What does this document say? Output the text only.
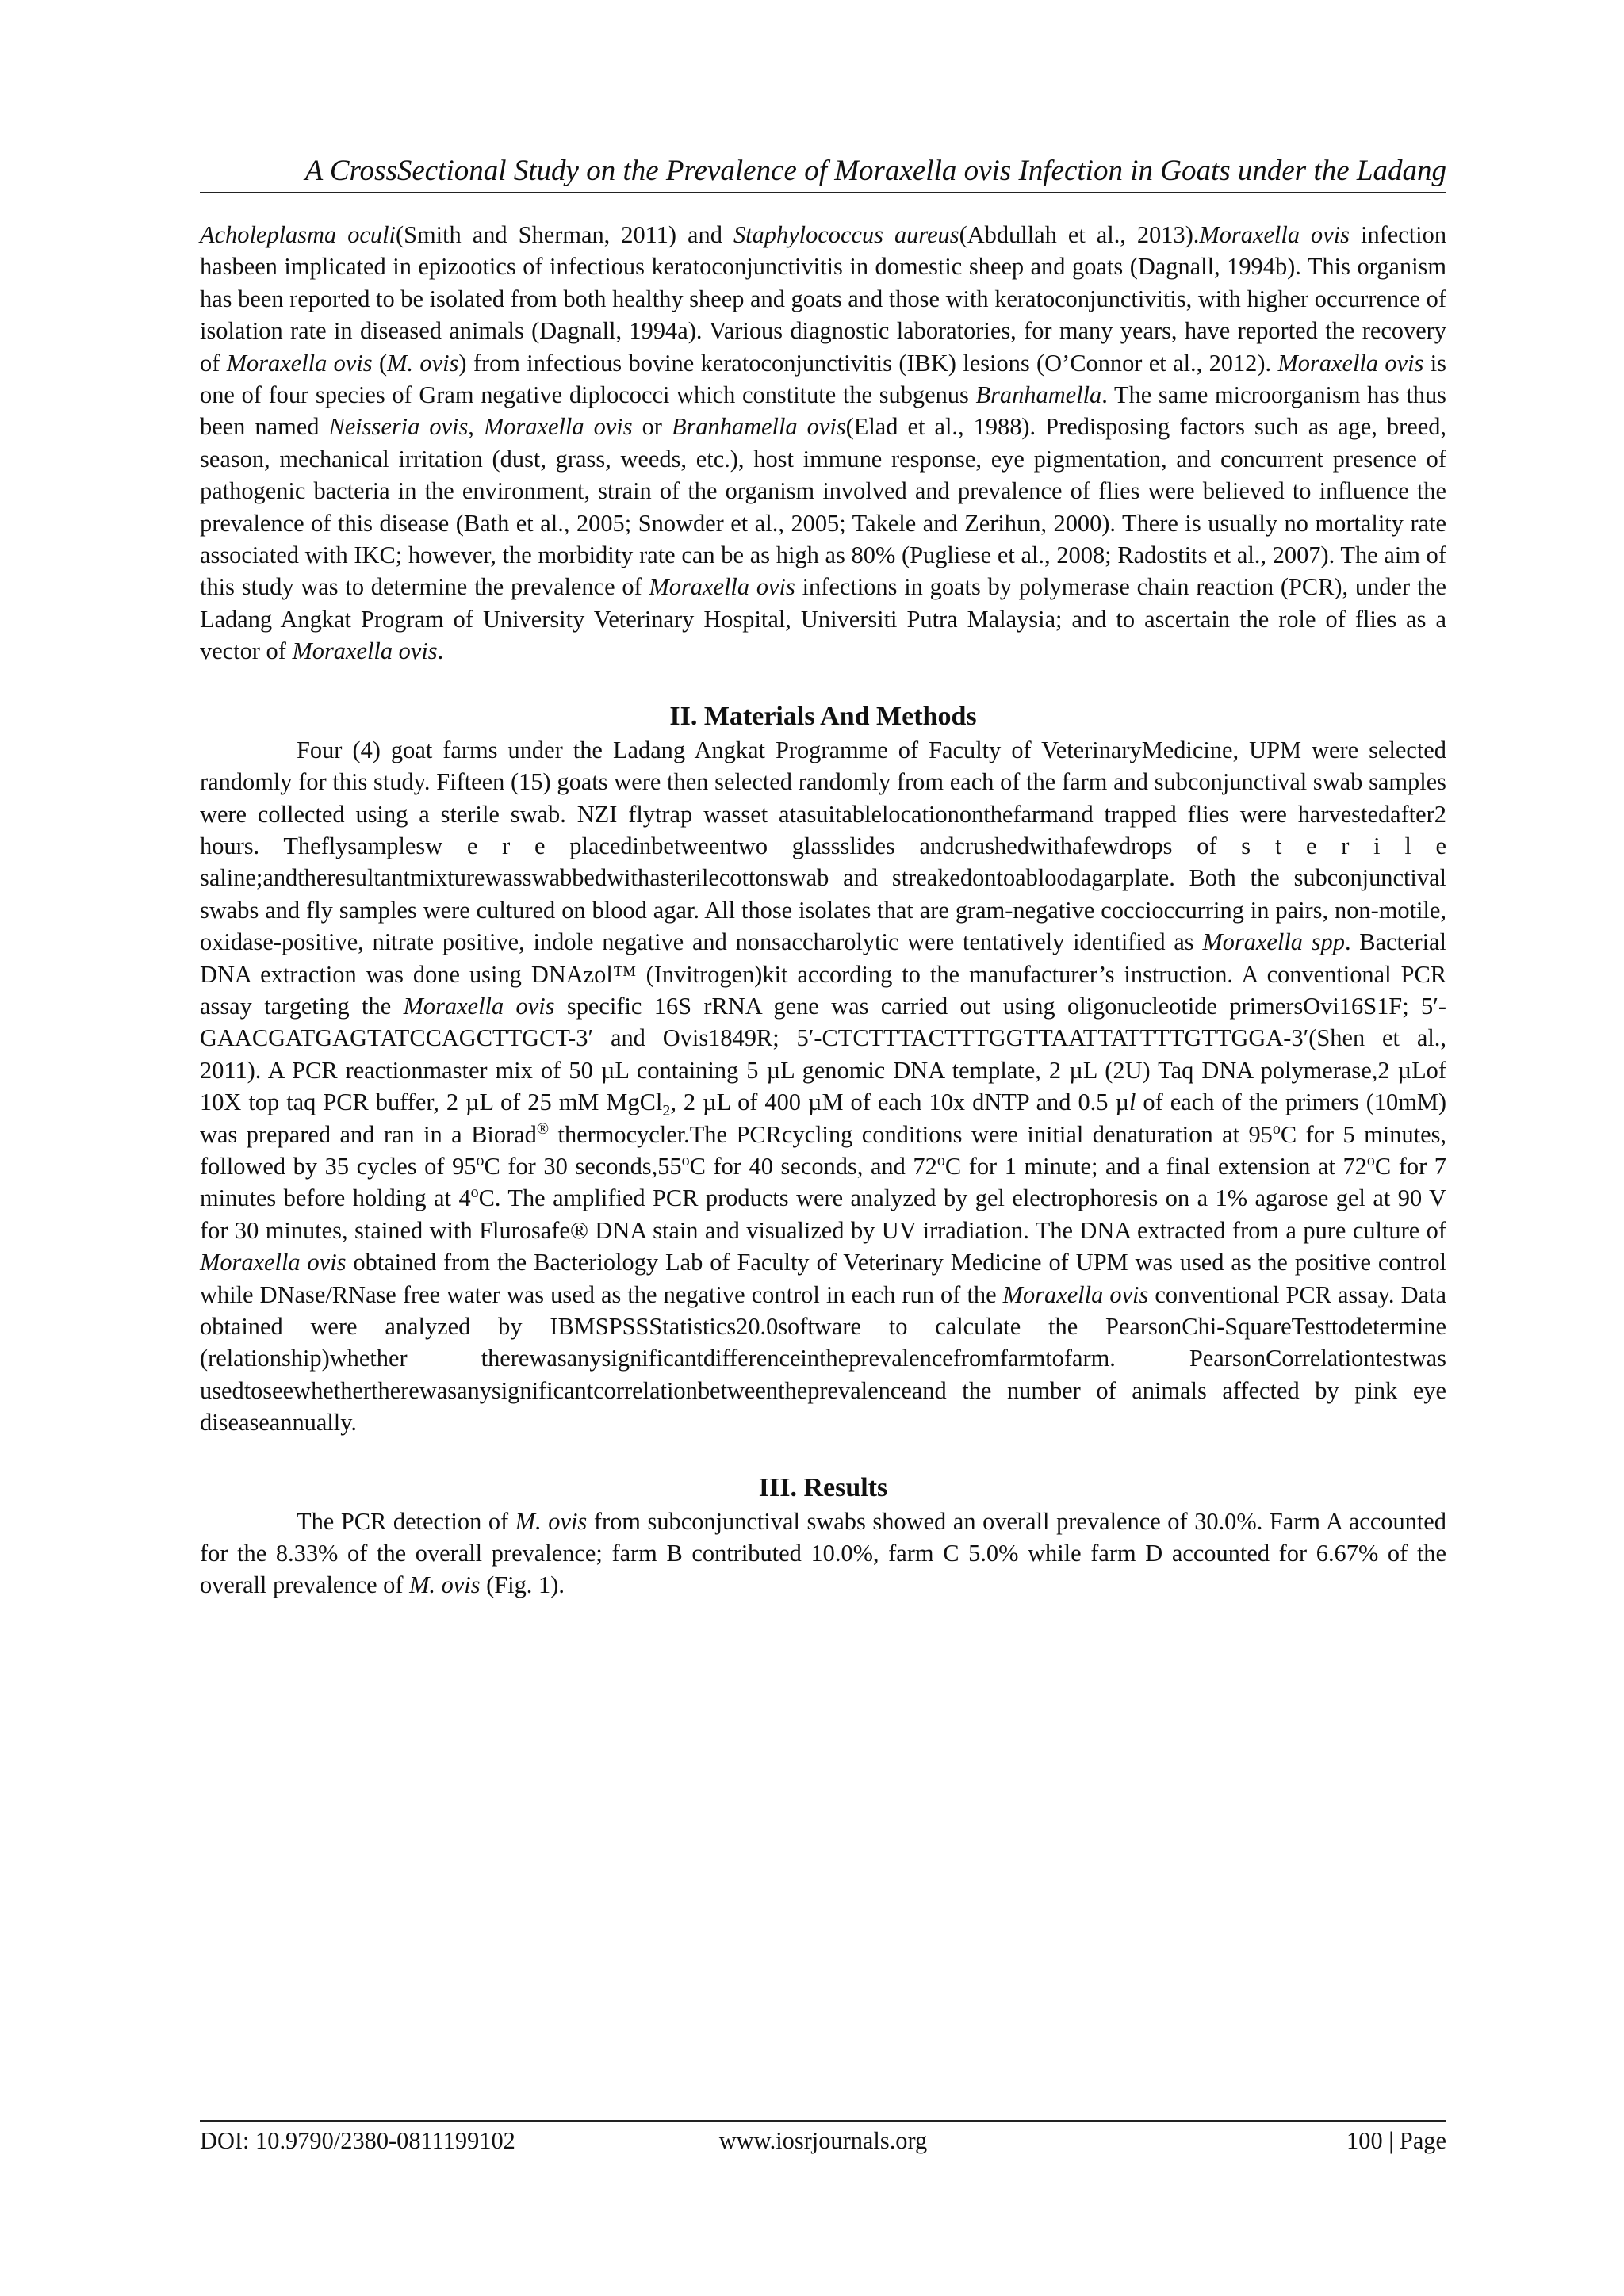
A CrossSectional Study on the Prevalence of Moraxella ovis Infection in Goats under the Ladang

Acholeplasma oculi(Smith and Sherman, 2011) and Staphylococcus aureus(Abdullah et al., 2013).Moraxella ovis infection hasbeen implicated in epizootics of infectious keratoconjunctivitis in domestic sheep and goats (Dagnall, 1994b). This organism has been reported to be isolated from both healthy sheep and goats and those with keratoconjunctivitis, with higher occurrence of isolation rate in diseased animals (Dagnall, 1994a). Various diagnostic laboratories, for many years, have reported the recovery of Moraxella ovis (M. ovis) from infectious bovine keratoconjunctivitis (IBK) lesions (O’Connor et al., 2012). Moraxella ovis is one of four species of Gram negative diplococci which constitute the subgenus Branhamella. The same microorganism has thus been named Neisseria ovis, Moraxella ovis or Branhamella ovis(Elad et al., 1988). Predisposing factors such as age, breed, season, mechanical irritation (dust, grass, weeds, etc.), host immune response, eye pigmentation, and concurrent presence of pathogenic bacteria in the environment, strain of the organism involved and prevalence of flies were believed to influence the prevalence of this disease (Bath et al., 2005; Snowder et al., 2005; Takele and Zerihun, 2000). There is usually no mortality rate associated with IKC; however, the morbidity rate can be as high as 80% (Pugliese et al., 2008; Radostits et al., 2007). The aim of this study was to determine the prevalence of Moraxella ovis infections in goats by polymerase chain reaction (PCR), under the Ladang Angkat Program of University Veterinary Hospital, Universiti Putra Malaysia; and to ascertain the role of flies as a vector of Moraxella ovis.

II. Materials And Methods

Four (4) goat farms under the Ladang Angkat Programme of Faculty of VeterinaryMedicine, UPM were selected randomly for this study. Fifteen (15) goats were then selected randomly from each of the farm and subconjunctival swab samples were collected using a sterile swab. NZI flytrap wasset atasuitablelocationonthefarmand trapped flies were harvestedafter2 hours. Theflysamplesw e r e placedinbetweentwo glassslides andcrushedwithafewdrops of s t e r i l e saline;andtheresultantmixturewasswabbedwithasterilecottonswab and streakedontoabloodagarplate. Both the subconjunctival swabs and fly samples were cultured on blood agar. All those isolates that are gram-negative coccioccurring in pairs, non-motile, oxidase-positive, nitrate positive, indole negative and nonsaccharolytic were tentatively identified as Moraxella spp. Bacterial DNA extraction was done using DNAzol™ (Invitrogen)kit according to the manufacturer’s instruction. A conventional PCR assay targeting the Moraxella ovis specific 16S rRNA gene was carried out using oligonucleotide primersOvi16S1F; 5′-GAACGATGAGTATCCAGCTTGCT-3′ and Ovis1849R; 5′-CTCTTTACTTTGGTTAATTATTTTGTTGGA-3′(Shen et al., 2011). A PCR reactionmaster mix of 50 µL containing 5 µL genomic DNA template, 2 µL (2U) Taq DNA polymerase,2 µLof 10X top taq PCR buffer, 2 µL of 25 mM MgCl$_2$, 2 µL of 400 µM of each 10x dNTP and 0.5 µl of each of the primers (10mM) was prepared and ran in a Biorad® thermocycler.The PCRcycling conditions were initial denaturation at 95$^o$C for 5 minutes, followed by 35 cycles of 95$^o$C for 30 seconds,55$^o$C for 40 seconds, and 72$^o$C for 1 minute; and a final extension at 72$^o$C for 7 minutes before holding at 4$^o$C. The amplified PCR products were analyzed by gel electrophoresis on a 1% agarose gel at 90 V for 30 minutes, stained with Flurosafe® DNA stain and visualized by UV irradiation. The DNA extracted from a pure culture of Moraxella ovis obtained from the Bacteriology Lab of Faculty of Veterinary Medicine of UPM was used as the positive control while DNase/RNase free water was used as the negative control in each run of the Moraxella ovis conventional PCR assay. Data obtained were analyzed by IBMSPSSStatistics20.0software to calculate the PearsonChi-SquareTesttodetermine (relationship)whether therewasanysignificantdifferenceintheprevalencefromfarmtofarm. PearsonCorrelationtestwas usedtoseewhethertherewasanysignificantcorrelationbetweentheprevalenceand the number of animals affected by pink eye diseaseannually.

III. Results

The PCR detection of M. ovis from subconjunctival swabs showed an overall prevalence of 30.0%. Farm A accounted for the 8.33% of the overall prevalence; farm B contributed 10.0%, farm C 5.0% while farm D accounted for 6.67% of the overall prevalence of M. ovis (Fig. 1).

DOI: 10.9790/2380-0811199102	www.iosrjournals.org	100 | Page
